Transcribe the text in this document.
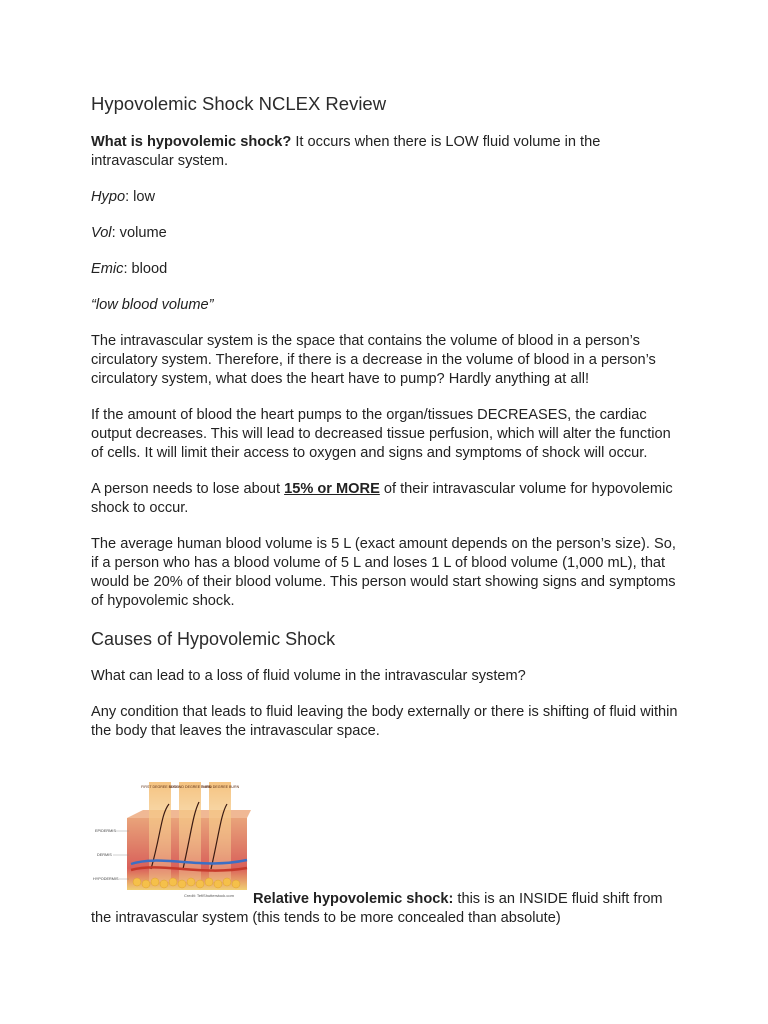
Hypovolemic Shock NCLEX Review

What is hypovolemic shock? It occurs when there is LOW fluid volume in the intravascular system.

Hypo: low

Vol: volume

Emic: blood

“low blood volume”

The intravascular system is the space that contains the volume of blood in a person’s circulatory system. Therefore, if there is a decrease in the volume of blood in a person’s circulatory system, what does the heart have to pump? Hardly anything at all!

If the amount of blood the heart pumps to the organ/tissues DECREASES, the cardiac output decreases. This will lead to decreased tissue perfusion, which will alter the function of cells. It will limit their access to oxygen and signs and symptoms of shock will occur.

A person needs to lose about 15% or MORE of their intravascular volume for hypovolemic shock to occur.

The average human blood volume is 5 L (exact amount depends on the person’s size). So, if a person who has a blood volume of 5 L and loses 1 L of blood volume (1,000 mL), that would be 20% of their blood volume. This person would start showing signs and symptoms of hypovolemic shock.

Causes of Hypovolemic Shock

What can lead to a loss of fluid volume in the intravascular system?

Any condition that leads to fluid leaving the body externally or there is shifting of fluid within the body that leaves the intravascular space.

FIRST DEGREE BURN
SECOND DEGREE BURN
THIRD DEGREE BURN
EPIDERMIS
DERMIS
HYPODERMIS
Credit: TefiShutterstock.com	Relative hypovolemic shock: this is an INSIDE fluid shift from the intravascular system (this tends to be more concealed than absolute)
